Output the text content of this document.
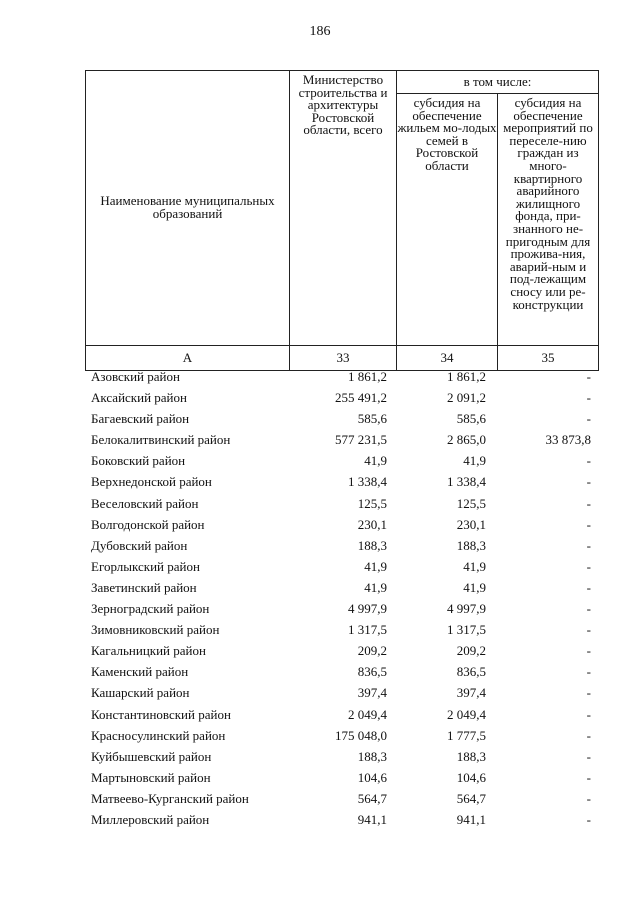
186
Наименование муниципальных образований	Министерство строительства и архитектуры Ростовской области, всего	в том числе:	
		субсидия на обеспечение жильем мо-лодых семей в Ростовской области	субсидия на обеспечение мероприятий по переселе-нию граждан из много-квартирного аварийного жилищного фонда, при-знанного не-пригодным для прожива-ния, аварий-ным и под-лежащим сносу или ре-конструкции
А	33	34	35
Азовский район	1 861,2	1 861,2	-
Аксайский район	255 491,2	2 091,2	-
Багаевский район	585,6	585,6	-
Белокалитвинский район	577 231,5	2 865,0	33 873,8
Боковский район	41,9	41,9	-
Верхнедонской район	1 338,4	1 338,4	-
Веселовский район	125,5	125,5	-
Волгодонской район	230,1	230,1	-
Дубовский район	188,3	188,3	-
Егорлыкский район	41,9	41,9	-
Заветинский район	41,9	41,9	-
Зерноградский район	4 997,9	4 997,9	-
Зимовниковский район	1 317,5	1 317,5	-
Кагальницкий район	209,2	209,2	-
Каменский район	836,5	836,5	-
Кашарский район	397,4	397,4	-
Константиновский район	2 049,4	2 049,4	-
Красносулинский район	175 048,0	1 777,5	-
Куйбышевский район	188,3	188,3	-
Мартыновский район	104,6	104,6	-
Матвеево-Курганский район	564,7	564,7	-
Миллеровский район	941,1	941,1	-
